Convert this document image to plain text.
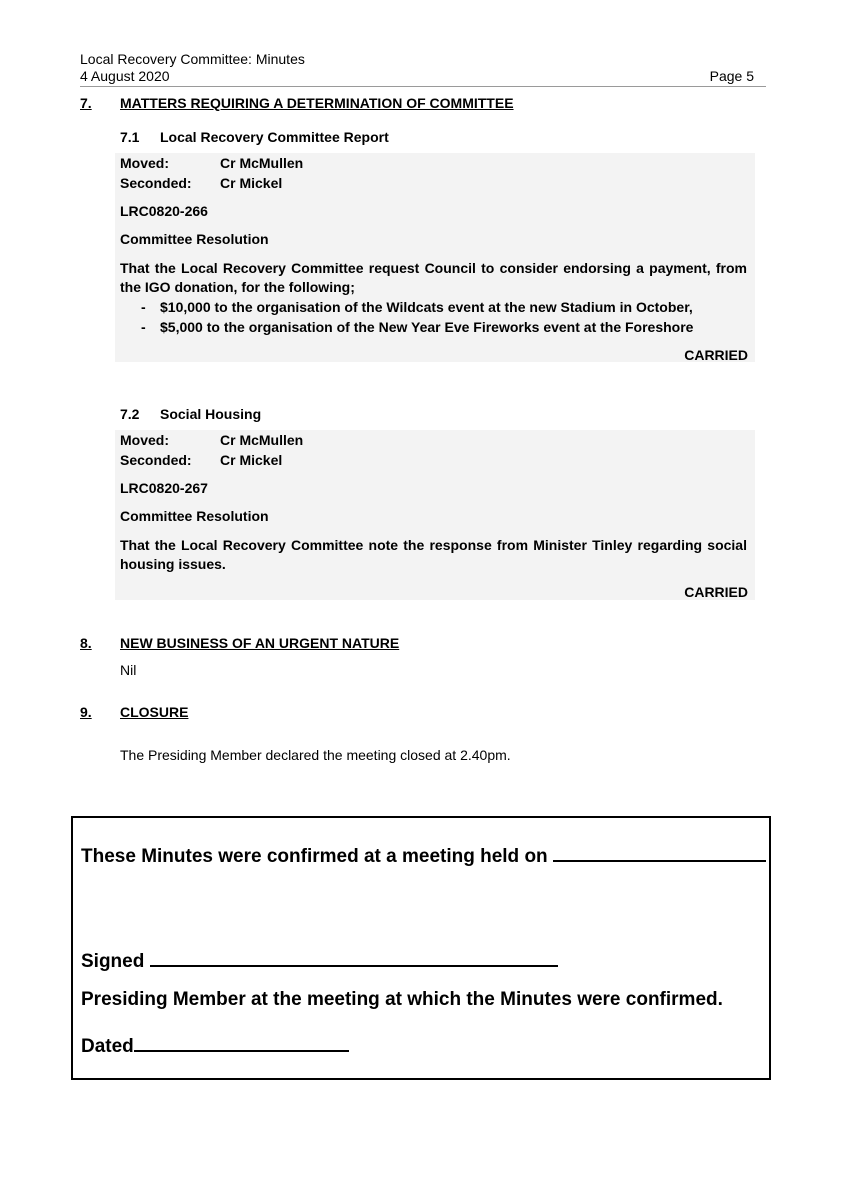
Local Recovery Committee: Minutes
4 August 2020	Page 5
7. MATTERS REQUIRING A DETERMINATION OF COMMITTEE
7.1 Local Recovery Committee Report
Moved:	Cr McMullen
Seconded: Cr Mickel
LRC0820-266
Committee Resolution
That the Local Recovery Committee request Council to consider endorsing a payment, from the IGO donation, for the following;
- $10,000 to the organisation of the Wildcats event at the new Stadium in October,
- $5,000 to the organisation of the New Year Eve Fireworks event at the Foreshore
CARRIED
7.2 Social Housing
Moved:	Cr McMullen
Seconded: Cr Mickel
LRC0820-267
Committee Resolution
That the Local Recovery Committee note the response from Minister Tinley regarding social housing issues.
CARRIED
8. NEW BUSINESS OF AN URGENT NATURE
Nil
9. CLOSURE
The Presiding Member declared the meeting closed at 2.40pm.
These Minutes were confirmed at a meeting held on
Signed
Presiding Member at the meeting at which the Minutes were confirmed.
Dated
